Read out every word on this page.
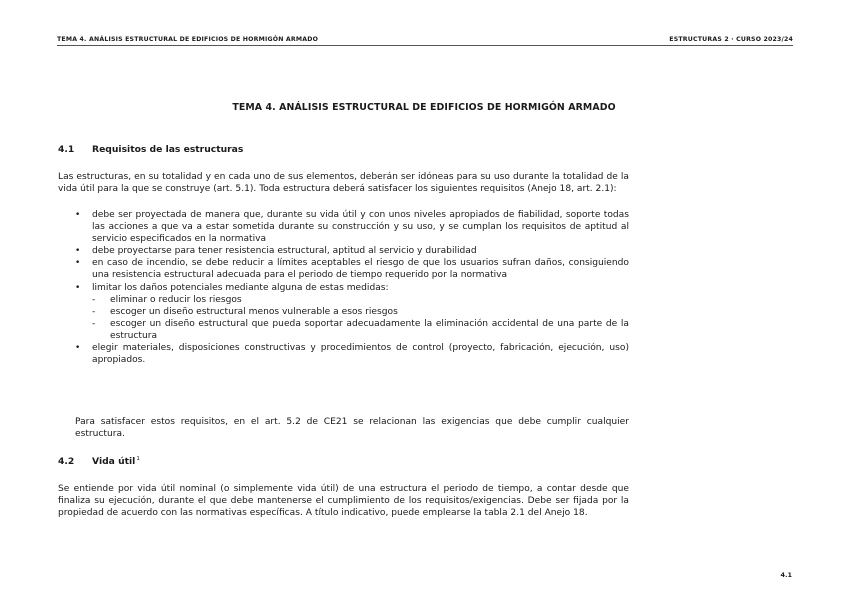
TEMA 4. ANÁLISIS ESTRUCTURAL DE EDIFICIOS DE HORMIGÓN ARMADO	ESTRUCTURAS 2 · CURSO 2023/24
TEMA 4. ANÁLISIS ESTRUCTURAL DE EDIFICIOS DE HORMIGÓN ARMADO
4.1 Requisitos de las estructuras

Las estructuras, en su totalidad y en cada uno de sus elementos, deberán ser idóneas para su uso durante la totalidad de la vida útil para la que se construye (art. 5.1). Toda estructura deberá satisfacer los siguientes requisitos (Anejo 18, art. 2.1):

• debe ser proyectada de manera que, durante su vida útil y con unos niveles apropiados de fiabilidad, soporte todas las acciones a que va a estar sometida durante su construcción y su uso, y se cumplan los requisitos de aptitud al servicio especificados en la normativa
• debe proyectarse para tener resistencia estructural, aptitud al servicio y durabilidad
• en caso de incendio, se debe reducir a límites aceptables el riesgo de que los usuarios sufran daños, consiguiendo una resistencia estructural adecuada para el periodo de tiempo requerido por la normativa
• limitar los daños potenciales mediante alguna de estas medidas:
- eliminar o reducir los riesgos
- escoger un diseño estructural menos vulnerable a esos riesgos
- escoger un diseño estructural que pueda soportar adecuadamente la eliminación accidental de una parte de la estructura
• elegir materiales, disposiciones constructivas y procedimientos de control (proyecto, fabricación, ejecución, uso) apropiados.

Para satisfacer estos requisitos, en el art. 5.2 de CE21 se relacionan las exigencias que debe cumplir cualquier estructura.

4.2 Vida útil$^1$

Se entiende por vida útil nominal (o simplemente vida útil) de una estructura el periodo de tiempo, a contar desde que finaliza su ejecución, durante el que debe mantenerse el cumplimiento de los requisitos/exigencias. Debe ser fijada por la propiedad de acuerdo con las normativas específicas. A título indicativo, puede emplearse la tabla 2.1 del Anejo 18.

4.1
